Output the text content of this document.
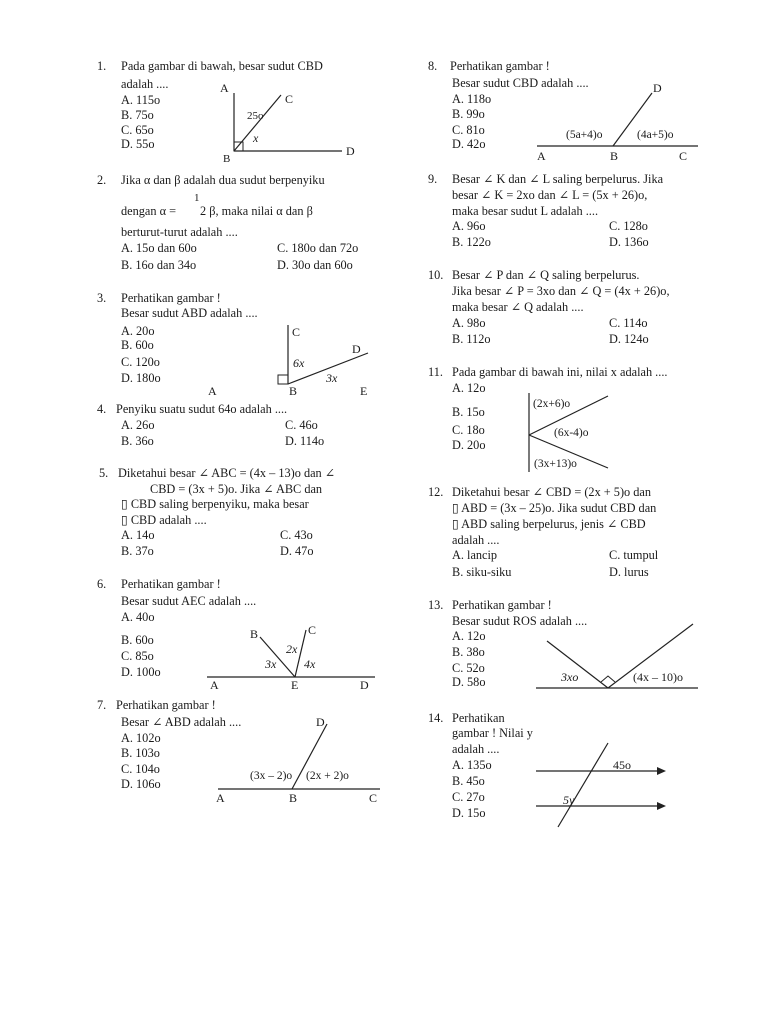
1. Pada gambar di bawah, besar sudut CBD
adalah ....
A. 115o
B. 75o
C. 65o
D. 55o
A
C
B
D
25o
x
2. Jika α dan β adalah dua sudut berpenyiku
1
dengan α = 2 β, maka nilai α dan β
berturut-turut adalah ....
A. 15o dan 60o	C. 180o dan 72o
B. 16o dan 34o	D. 30o dan 60o
3. Perhatikan gambar !
Besar sudut ABD adalah ....
A. 20o
B. 60o
C. 120o
D. 180o
C
D
6x
3x
A	B	E
4. Penyiku suatu sudut 64o adalah ....
A. 26o	C. 46o
B. 36o	D. 114o
5. Diketahui besar ∠ ABC = (4x – 13)o dan ∠
CBD = (3x + 5)o. Jika ∠ ABC dan
▯ CBD saling berpenyiku, maka besar
▯ CBD adalah ....
A. 14o	C. 43o
B. 37o	D. 47o
6. Perhatikan gambar !
Besar sudut AEC adalah ....
A. 40o
B. 60o
C. 85o
D. 100o
B	C
2x
3x 4x
A	E	D
7. Perhatikan gambar !
Besar ∠ ABD adalah ....
A. 102o
B. 103o
C. 104o
D. 106o
D
(3x – 2)o (2x + 2)o
A	B	C
8. Perhatikan gambar !
Besar sudut CBD adalah ....
A. 118o
B. 99o
C. 81o
D. 42o
D
(5a+4)o	(4a+5)o
A	B	C
9. Besar ∠ K dan ∠ L saling berpelurus. Jika
besar ∠ K = 2xo dan ∠ L = (5x + 26)o,
maka besar sudut L adalah ....
A. 96o	C. 128o
B. 122o	D. 136o
10. Besar ∠ P dan ∠ Q saling berpelurus.
Jika besar ∠ P = 3xo dan ∠ Q = (4x + 26)o,
maka besar ∠ Q adalah ....
A. 98o	C. 114o
B. 112o	D. 124o
11. Pada gambar di bawah ini, nilai x adalah ....
A. 12o
B. 15o
C. 18o
D. 20o
(2x+6)o
(6x-4)o
(3x+13)o
12. Diketahui besar ∠ CBD = (2x + 5)o dan
▯ ABD = (3x – 25)o. Jika sudut CBD dan
▯ ABD saling berpelurus, jenis ∠ CBD
adalah ....
A. lancip	C. tumpul
B. siku-siku	D. lurus
13. Perhatikan gambar !
Besar sudut ROS adalah ....
A. 12o
B. 38o
C. 52o
D. 58o	3xo	(4x – 10)o
14. Perhatikan
gambar ! Nilai y
adalah ....
A. 135o
B. 45o
C. 27o
D. 15o
45o
5y
